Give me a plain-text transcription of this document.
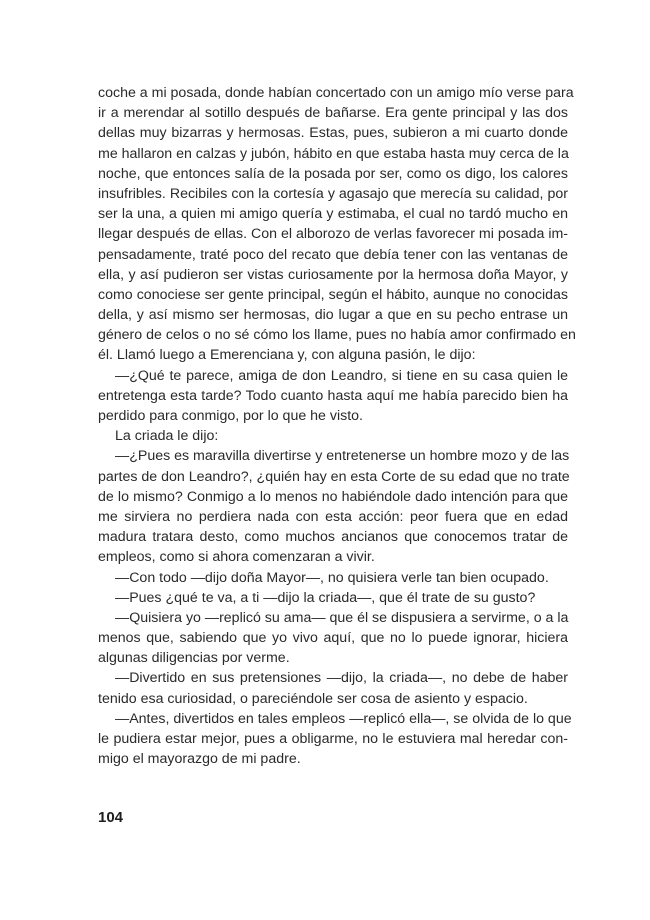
coche a mi posada, donde habían concertado con un amigo mío verse para
ir a merendar al sotillo después de bañarse. Era gente principal y las dos
dellas muy bizarras y hermosas. Estas, pues, subieron a mi cuarto donde
me hallaron en calzas y jubón, hábito en que estaba hasta muy cerca de la
noche, que entonces salía de la posada por ser, como os digo, los calores
insufribles. Recibiles con la cortesía y agasajo que merecía su calidad, por
ser la una, a quien mi amigo quería y estimaba, el cual no tardó mucho en
llegar después de ellas. Con el alborozo de verlas favorecer mi posada im-
pensadamente, traté poco del recato que debía tener con las ventanas de
ella, y así pudieron ser vistas curiosamente por la hermosa doña Mayor, y
como conociese ser gente principal, según el hábito, aunque no conocidas
della, y así mismo ser hermosas, dio lugar a que en su pecho entrase un
género de celos o no sé cómo los llame, pues no había amor confirmado en
él. Llamó luego a Emerenciana y, con alguna pasión, le dijo:
—¿Qué te parece, amiga de don Leandro, si tiene en su casa quien le
entretenga esta tarde? Todo cuanto hasta aquí me había parecido bien ha
perdido para conmigo, por lo que he visto.
La criada le dijo:
—¿Pues es maravilla divertirse y entretenerse un hombre mozo y de las
partes de don Leandro?, ¿quién hay en esta Corte de su edad que no trate
de lo mismo? Conmigo a lo menos no habiéndole dado intención para que
me sirviera no perdiera nada con esta acción: peor fuera que en edad
madura tratara desto, como muchos ancianos que conocemos tratar de
empleos, como si ahora comenzaran a vivir.
—Con todo —dijo doña Mayor—, no quisiera verle tan bien ocupado.
—Pues ¿qué te va, a ti —dijo la criada—, que él trate de su gusto?
—Quisiera yo —replicó su ama— que él se dispusiera a servirme, o a la
menos que, sabiendo que yo vivo aquí, que no lo puede ignorar, hiciera
algunas diligencias por verme.
—Divertido en sus pretensiones —dijo, la criada—, no debe de haber
tenido esa curiosidad, o pareciéndole ser cosa de asiento y espacio.
—Antes, divertidos en tales empleos —replicó ella—, se olvida de lo que
le pudiera estar mejor, pues a obligarme, no le estuviera mal heredar con-
migo el mayorazgo de mi padre.
104
